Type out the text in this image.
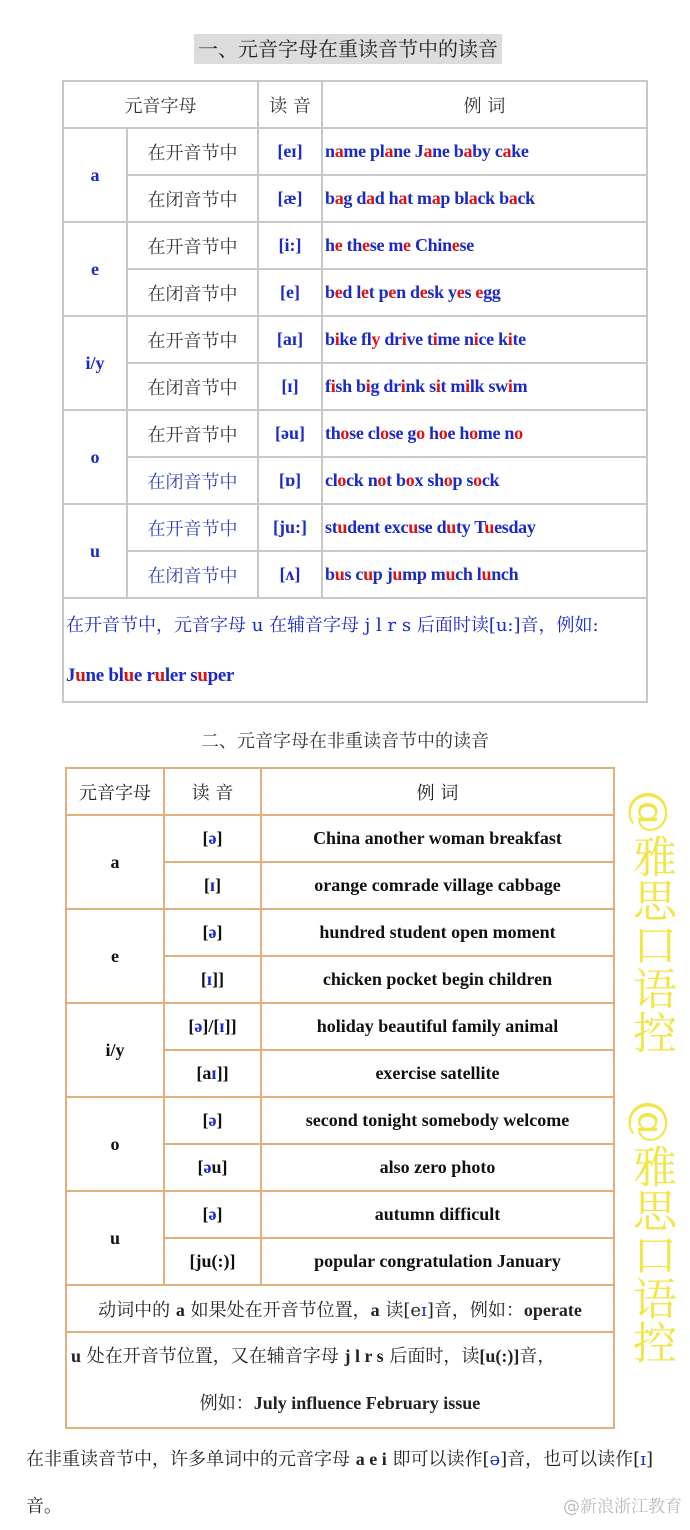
一、元音字母在重读音节中的读音
元音字母		读 音	例 词
a	在开音节中	[eɪ]	name plane Jane baby cake
	在闭音节中	[æ]	bag dad hat map black back
e	在开音节中	[i:]	he these me Chinese
	在闭音节中	[e]	bed let pen desk yes egg
i/y	在开音节中	[aɪ]	bike fly drive time nice kite
	在闭音节中	[ɪ]	fish big drink sit milk swim
o	在开音节中	[əu]	those close go hoe home no
	在闭音节中	[ɒ]	clock not box shop sock
u	在开音节中	[ju:]	student excuse duty Tuesday
	在闭音节中	[ʌ]	bus cup jump much lunch

在开音节中，元音字母 u 在辅音字母 j l r s 后面时读[u:]音，例如:
June blue ruler super			
二、元音字母在非重读音节中的读音
元音字母	读 音	例 词
a	[ə]	China another woman breakfast
	[ɪ]	orange comrade village cabbage
e	[ə]	hundred student open moment
	[ɪ]]	chicken pocket begin children
i/y	[ə]/[ɪ]]	holiday beautiful family animal
	[aɪ]]	exercise satellite
o	[ə]	second tonight somebody welcome
	[əu]	also zero photo
u	[ə]	autumn difficult
	[ju(:)]	popular congratulation January
动词中的 a 如果处在开音节位置，a 读[eɪ]音，例如：operate		

u 处在开音节位置，又在辅音字母 j l r s 后面时，读[u(:)]音，
例如：July influence February issue		
在非重读音节中，许多单词中的元音字母 a e i 即可以读作[ə]音，也可以读作[ɪ]音。
@雅思口语控
@雅思口语控
@新浪浙江教育
